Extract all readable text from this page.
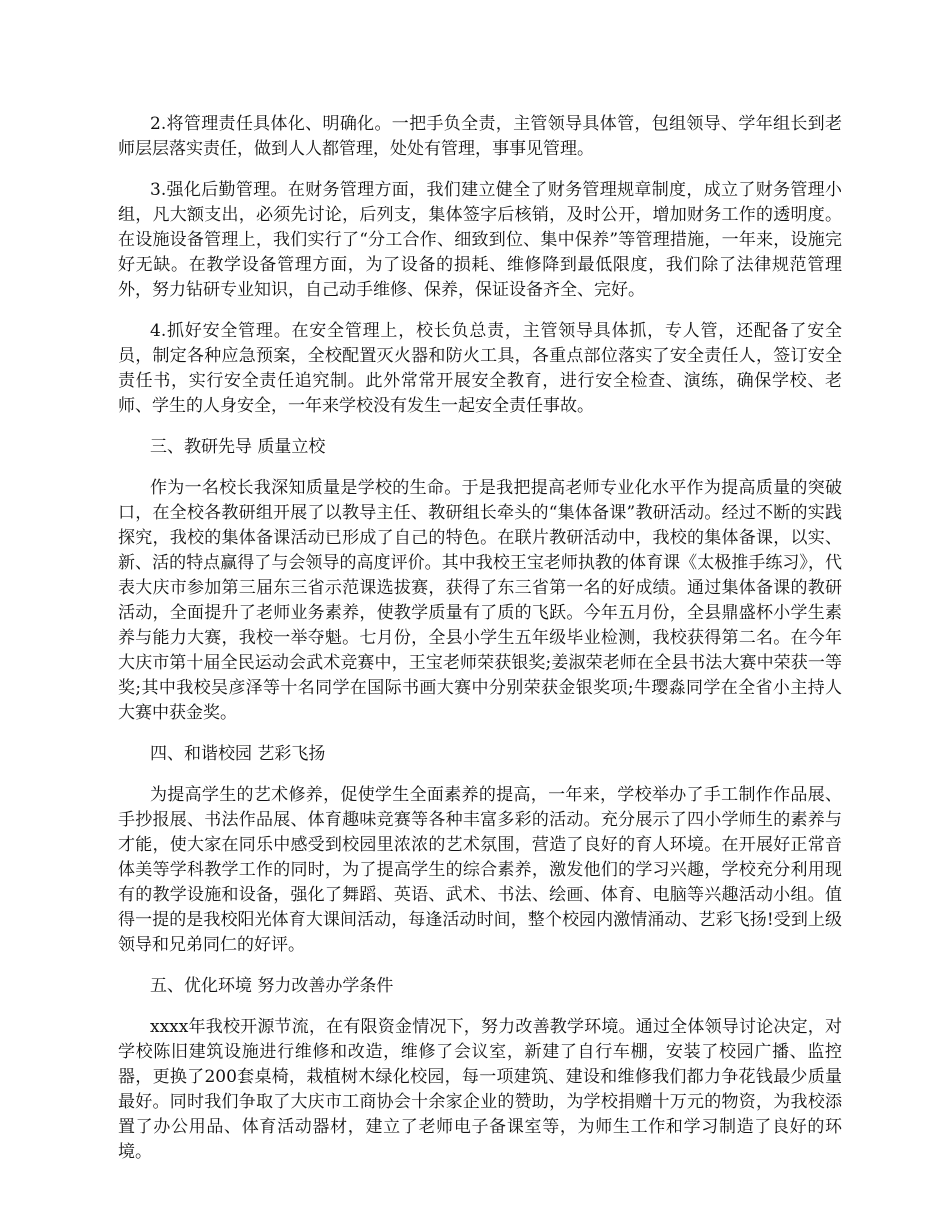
2.将管理责任具体化、明确化。一把手负全责，主管领导具体管，包组领导、学年组长到老师层层落实责任，做到人人都管理，处处有管理，事事见管理。

3.强化后勤管理。在财务管理方面，我们建立健全了财务管理规章制度，成立了财务管理小组，凡大额支出，必须先讨论，后列支，集体签字后核销，及时公开，增加财务工作的透明度。在设施设备管理上，我们实行了“分工合作、细致到位、集中保养”等管理措施，一年来，设施完好无缺。在教学设备管理方面，为了设备的损耗、维修降到最低限度，我们除了法律规范管理外，努力钻研专业知识，自己动手维修、保养，保证设备齐全、完好。

4.抓好安全管理。在安全管理上，校长负总责，主管领导具体抓，专人管，还配备了安全员，制定各种应急预案，全校配置灭火器和防火工具，各重点部位落实了安全责任人，签订安全责任书，实行安全责任追究制。此外常常开展安全教育，进行安全检查、演练，确保学校、老师、学生的人身安全，一年来学校没有发生一起安全责任事故。

三、教研先导 质量立校

作为一名校长我深知质量是学校的生命。于是我把提高老师专业化水平作为提高质量的突破口，在全校各教研组开展了以教导主任、教研组长牵头的“集体备课”教研活动。经过不断的实践探究，我校的集体备课活动已形成了自己的特色。在联片教研活动中，我校的集体备课，以实、新、活的特点赢得了与会领导的高度评价。其中我校王宝老师执教的体育课《太极推手练习》，代表大庆市参加第三届东三省示范课选拔赛，获得了东三省第一名的好成绩。通过集体备课的教研活动，全面提升了老师业务素养，使教学质量有了质的飞跃。今年五月份，全县鼎盛杯小学生素养与能力大赛，我校一举夺魁。七月份，全县小学生五年级毕业检测，我校获得第二名。在今年大庆市第十届全民运动会武术竞赛中，王宝老师荣获银奖;姜淑荣老师在全县书法大赛中荣获一等奖;其中我校吴彦泽等十名同学在国际书画大赛中分别荣获金银奖项;牛璎淼同学在全省小主持人大赛中获金奖。

四、和谐校园 艺彩飞扬

为提高学生的艺术修养，促使学生全面素养的提高，一年来，学校举办了手工制作作品展、手抄报展、书法作品展、体育趣味竞赛等各种丰富多彩的活动。充分展示了四小学师生的素养与才能，使大家在同乐中感受到校园里浓浓的艺术氛围，营造了良好的育人环境。在开展好正常音体美等学科教学工作的同时，为了提高学生的综合素养，激发他们的学习兴趣，学校充分利用现有的教学设施和设备，强化了舞蹈、英语、武术、书法、绘画、体育、电脑等兴趣活动小组。值得一提的是我校阳光体育大课间活动，每逢活动时间，整个校园内激情涌动、艺彩飞扬!受到上级领导和兄弟同仁的好评。

五、优化环境 努力改善办学条件

xxxx年我校开源节流，在有限资金情况下，努力改善教学环境。通过全体领导讨论决定，对学校陈旧建筑设施进行维修和改造，维修了会议室，新建了自行车棚，安装了校园广播、监控器，更换了200套桌椅，栽植树木绿化校园，每一项建筑、建设和维修我们都力争花钱最少质量最好。同时我们争取了大庆市工商协会十余家企业的赞助，为学校捐赠十万元的物资，为我校添置了办公用品、体育活动器材，建立了老师电子备课室等，为师生工作和学习制造了良好的环境。
